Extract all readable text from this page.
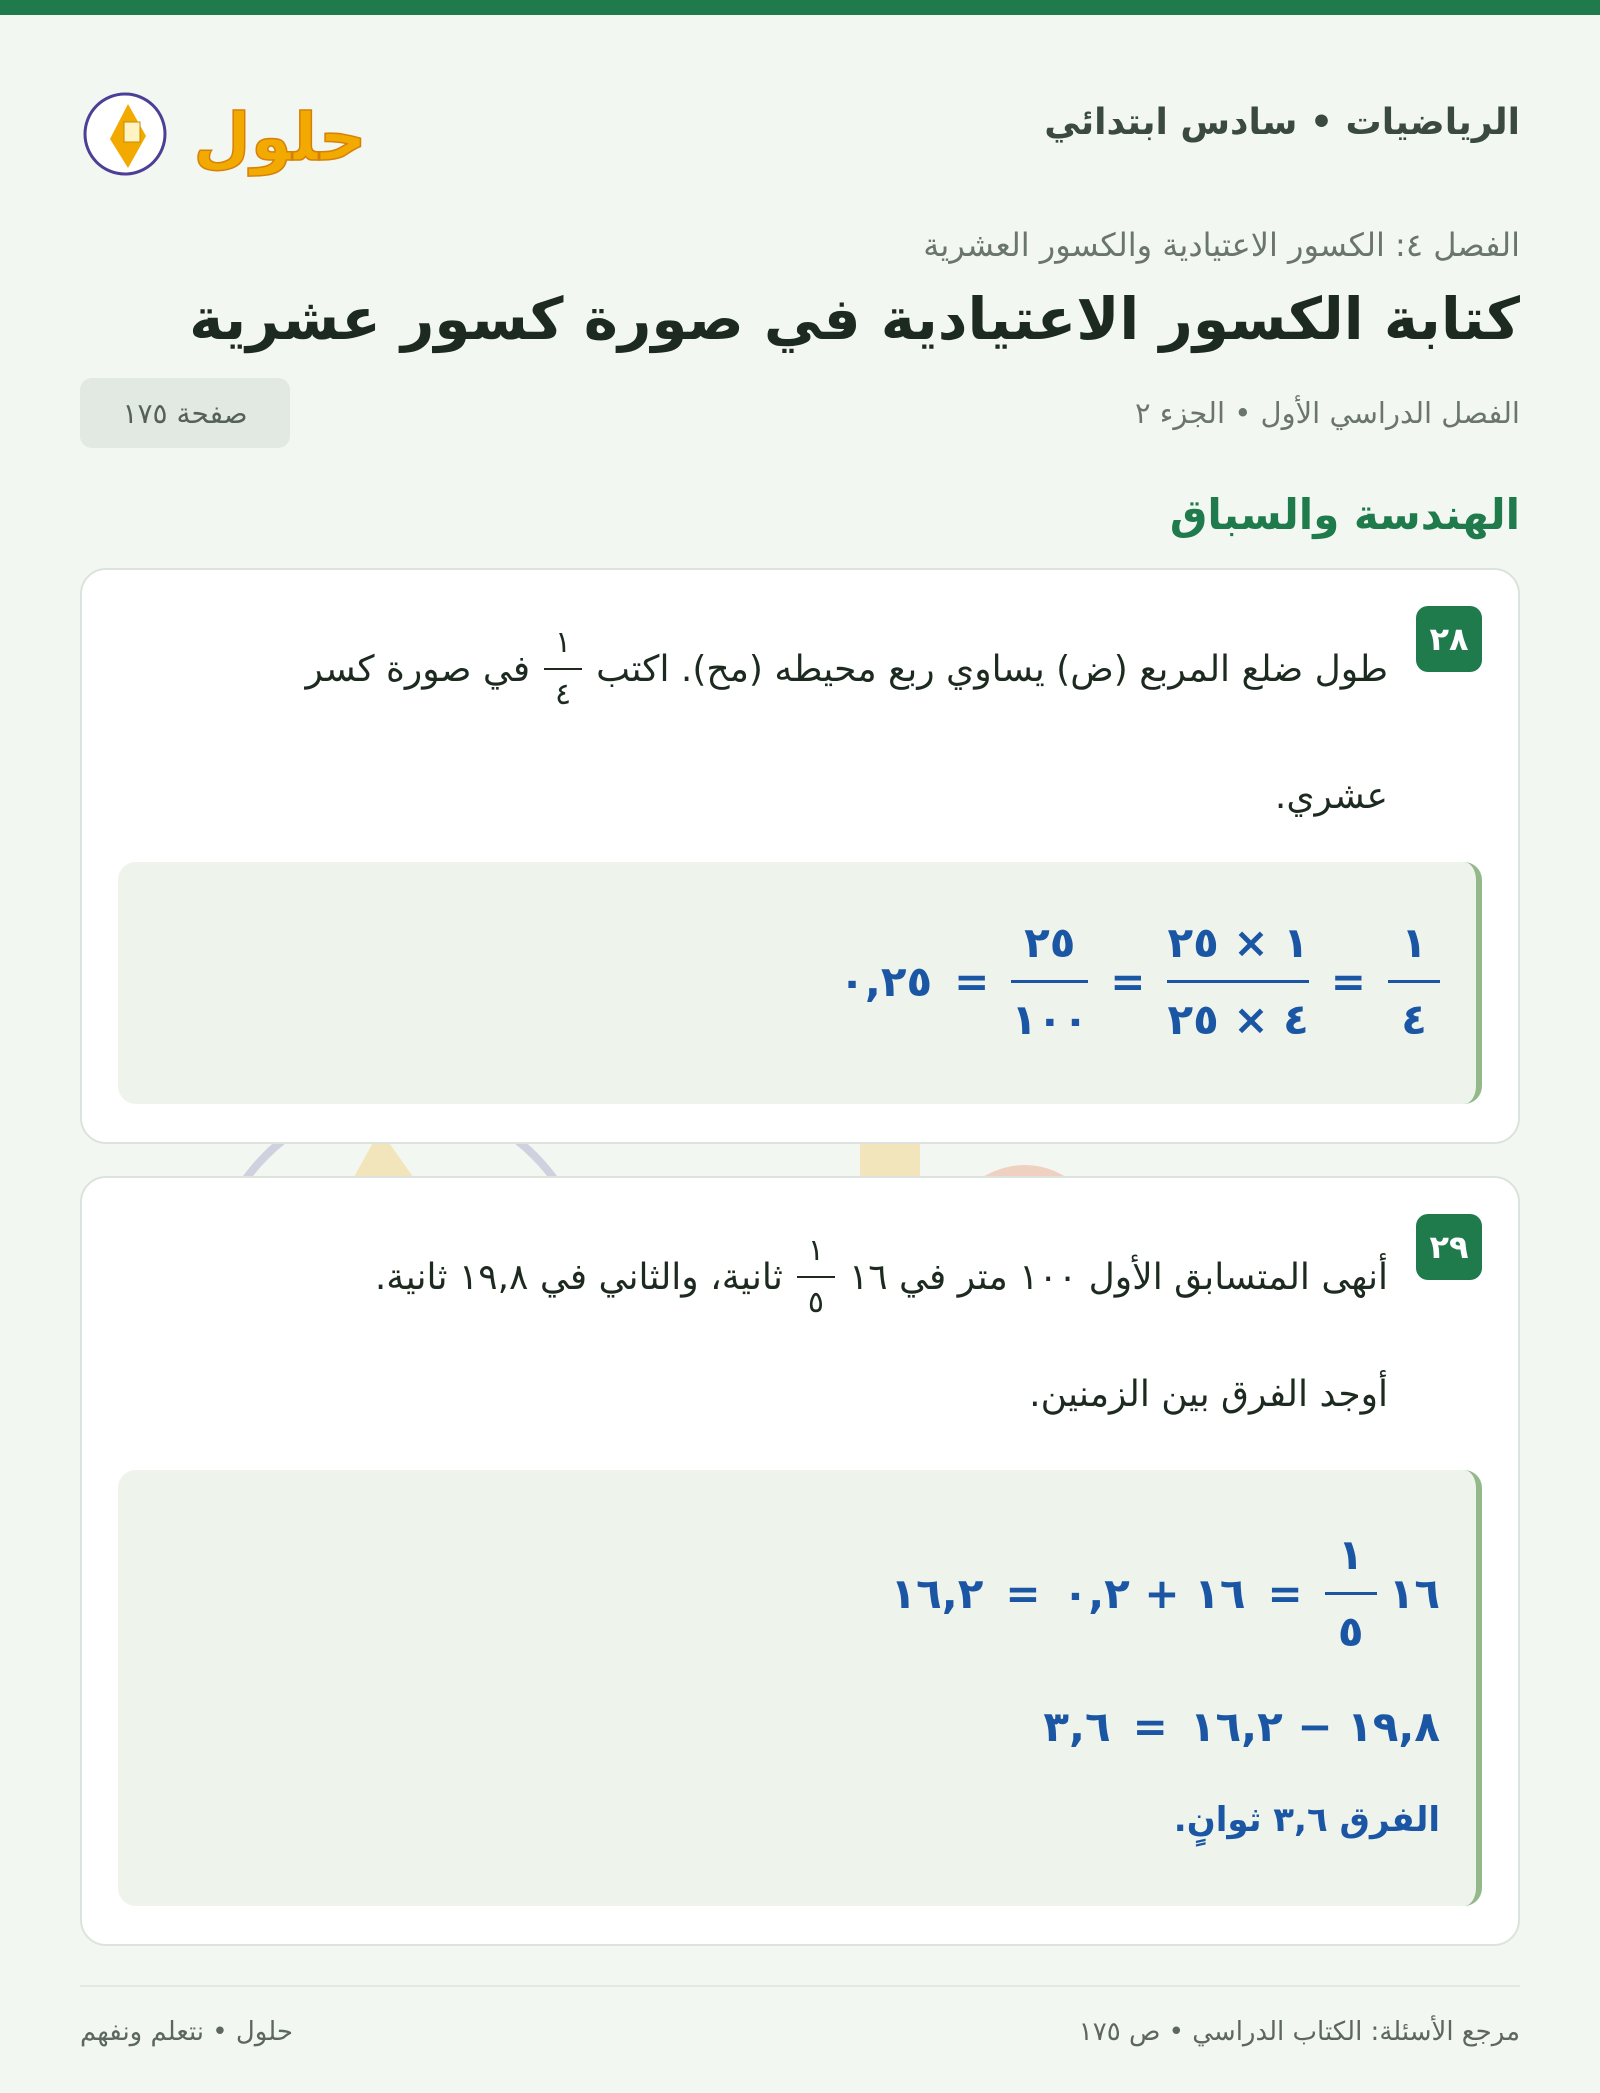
الرياضيات • سادس ابتدائي
حلول
الفصل ٤: الكسور الاعتيادية والكسور العشرية
كتابة الكسور الاعتيادية في صورة كسور عشرية
الفصل الدراسي الأول • الجزء ٢
صفحة ١٧٥
الهندسة والسباق
٢٨
طول ضلع المربع (ض) يساوي ربع محيطه (مح). اكتب
$\frac{١}{٤}$
في صورة كسر
عشري.
$\frac{١}{٤}$
=
$\frac{١ \times ٢٥}{٤ \times ٢٥}$
=
$\frac{٢٥}{١٠٠}$
=
٠,٢٥
٢٩
أنهى المتسابق الأول ١٠٠ متر في ١٦
$\frac{١}{٥}$
ثانية، والثاني في ١٩,٨ ثانية.
أوجد الفرق بين الزمنين.
١٦
$\frac{١}{٥}$
=
١٦ + ٠,٢
=
١٦,٢
١٩,٨ − ١٦,٢
=
٣,٦
الفرق ٣,٦ ثوانٍ.
مرجع الأسئلة: الكتاب الدراسي • ص ١٧٥
حلول • نتعلم ونفهم
